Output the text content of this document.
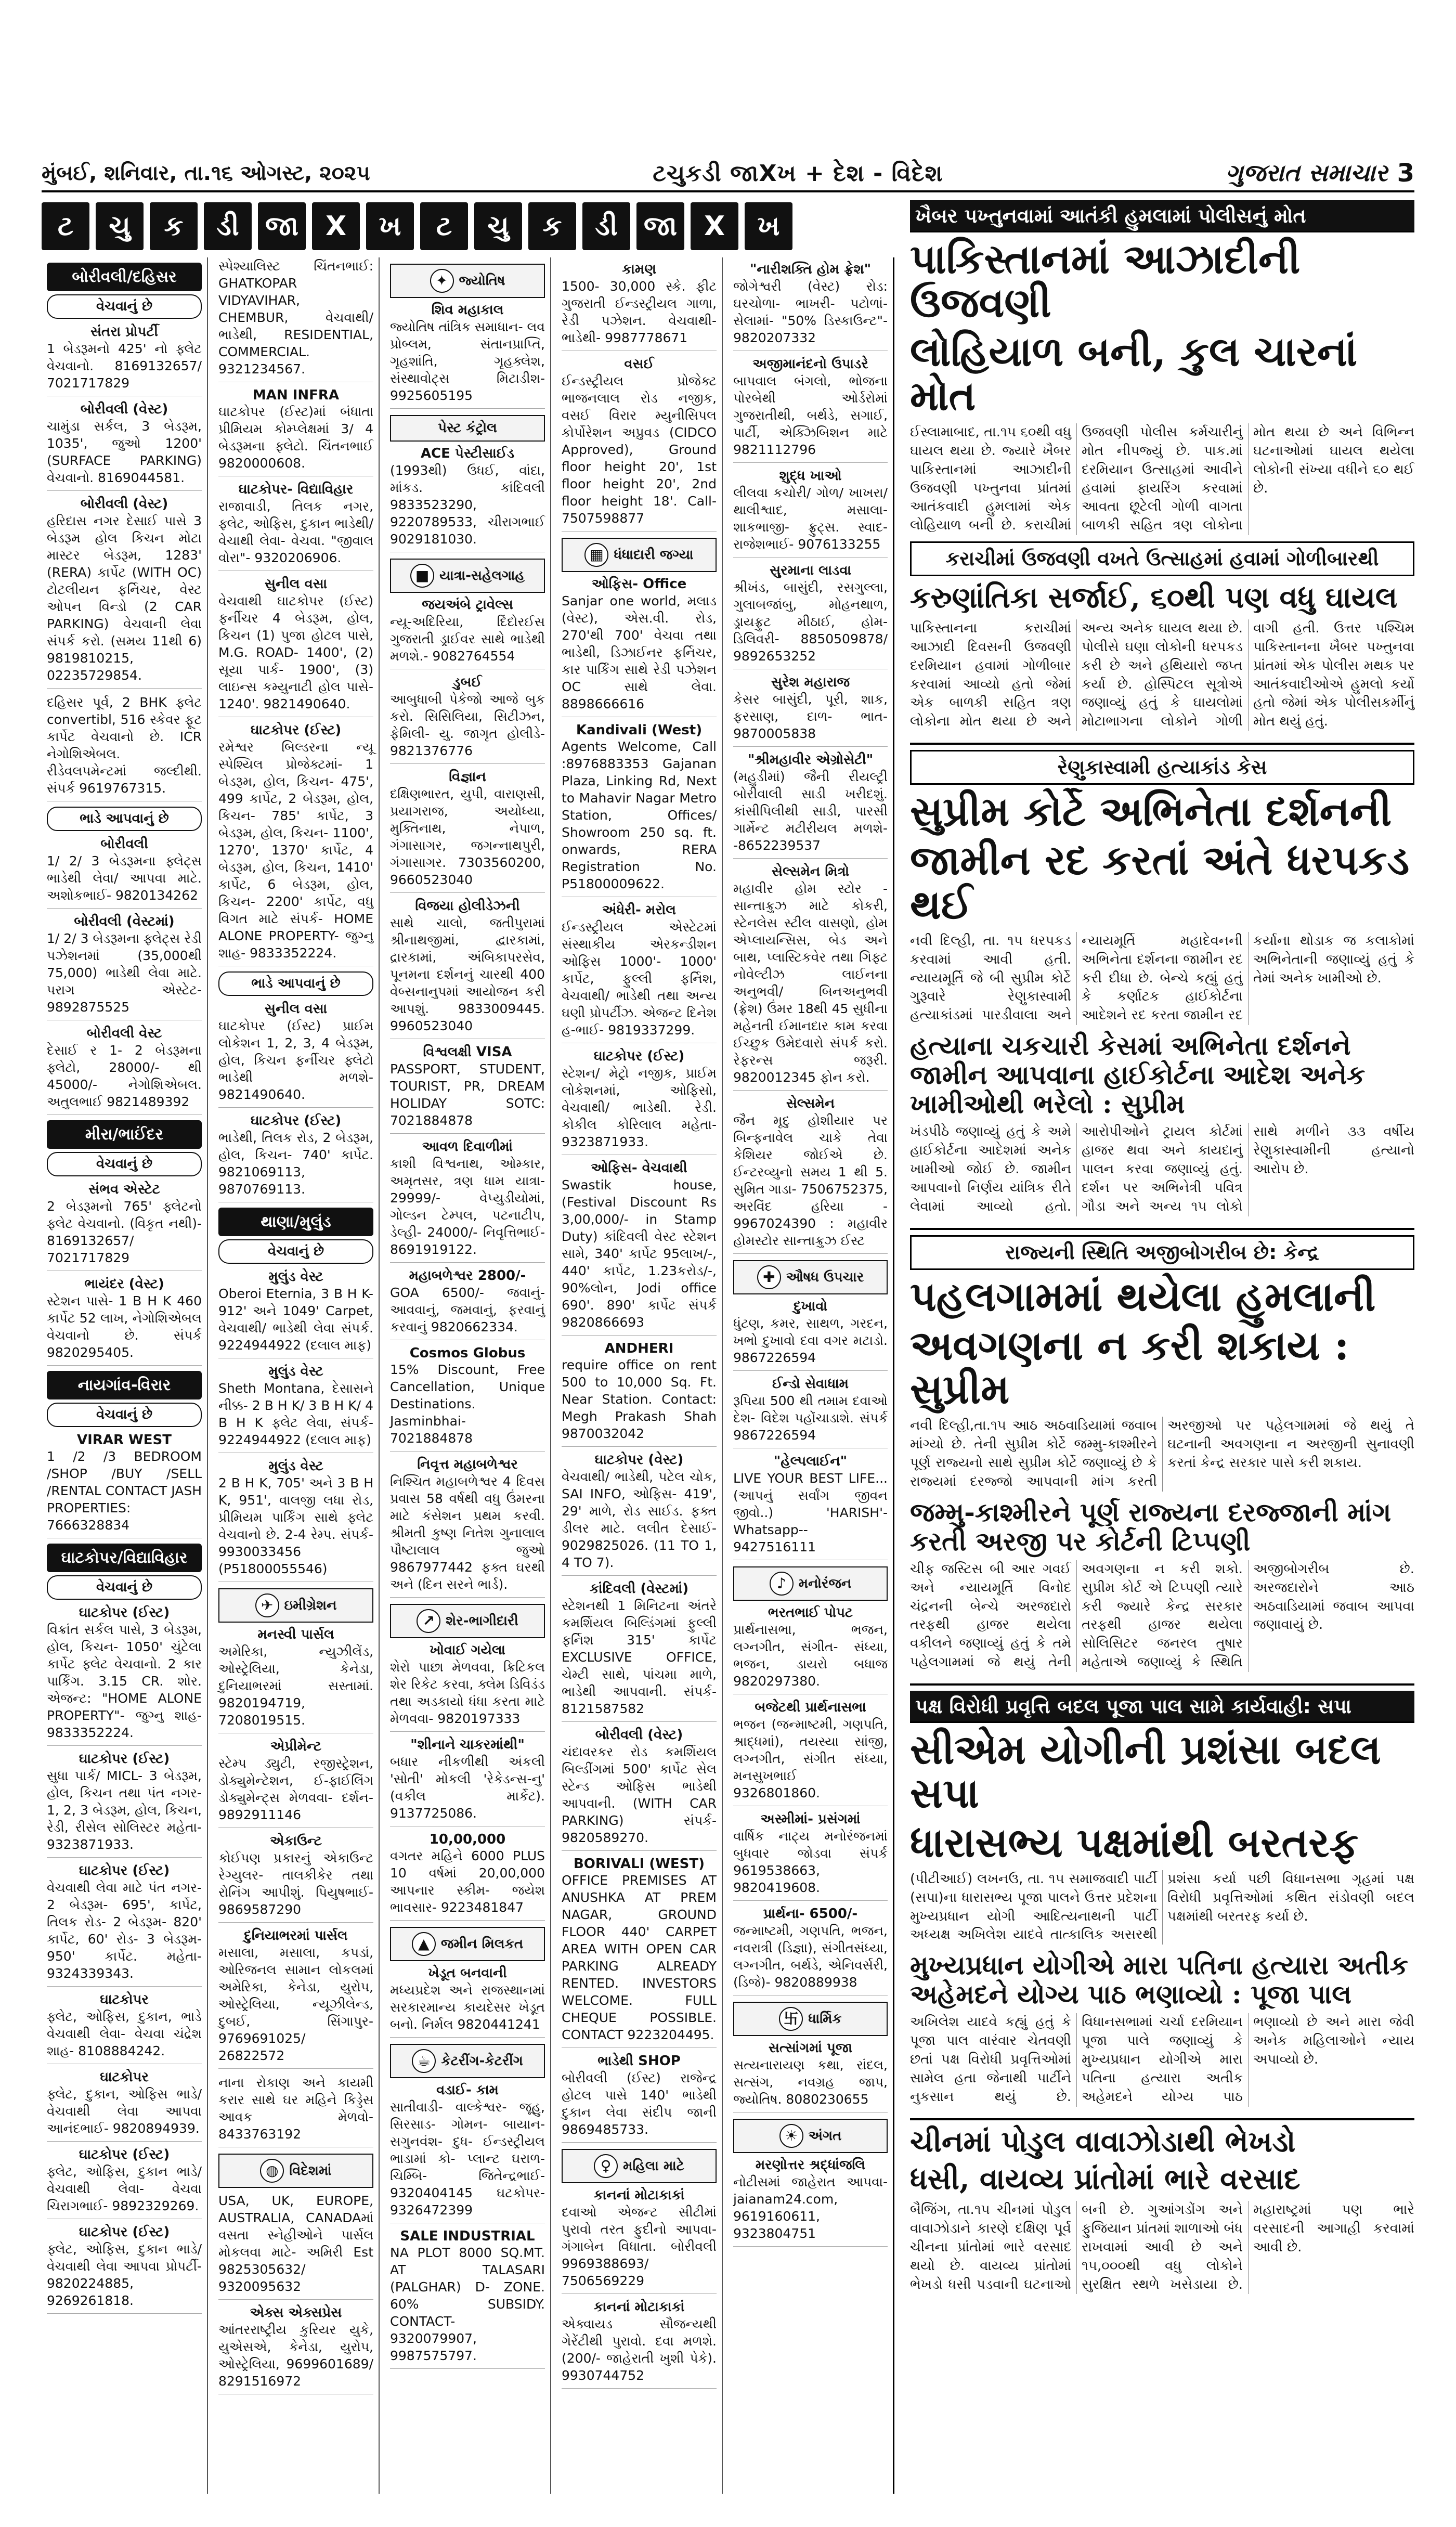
મુંબઈ, શનિવાર, તા.૧૬ ઓગસ્ટ, ૨૦૨૫	ટચુકડી જાXખ + દેશ - વિદેશ	ગુજરાત સમાચાર 3
ટ	ચુ	ક	ડી જા X	ખ	ટ	ચુ	ક	ડી જા X	ખ
બોરીવલી/દહિસર
વેચવાનું છે
સંતરા પ્રોપર્ટી
1 બેડરૂમનો 425' નો ફ્લેટ વેચવાનો. 8169132657/ 7021717829
બોરીવલી (વેસ્ટ)
ચામુંડા સર્કલ, 3 બેડરૂમ, 1035', જુઓ 1200' (SURFACE PARKING) વેચવાનો. 8169044581.
બોરીવલી (વેસ્ટ)
હરિદાસ નગર દેસાઈ પાસે 3 બેડરૂમ હોલ કિચન મોટા માસ્ટર બેડરૂમ, 1283' (RERA) કાર્પેટ (WITH OC) ટોટલીયન ફર્નિચર, વેસ્ટ ઓપન વિન્ડો (2 CAR PARKING) વેચવાની લેવા સંપર્ક કરો. (સમય 11થી 6) 9819810215, 02235729854.
દહિસર પૂર્વ, 2 BHK ફ્લેટ convertibl, 516 સ્કેવર ફૂટ કાર્પેટ વેચવાનો છે. ICR નેગોશિએબલ. રીડેવલપમેન્ટમાં જલ્દીથી. સંપર્ક 9619767315.
ભાડે આપવાનું છે
બોરીવલી
1/ 2/ 3 બેડરૂમના ફ્લેટ્સ ભાડેથી લેવા/ આપવા માટે. અશોકભાઈ- 9820134262
બોરીવલી (વેસ્ટમાં)
1/ 2/ 3 બેડરૂમના ફ્લેટ્સ રેડી પઝેશનમાં (35,000થી 75,000) ભાડેથી લેવા માટે. પરાગ એસ્ટેટ- 9892875525
બોરીવલી વેસ્ટ
દેસાઈ ર 1- 2 બેડરૂમના ફ્લેટો, 28000/- થી 45000/- નેગોશિએબલ. અતુલભાઈ 9821489392
મીરા/ભાઈંદર
વેચવાનું છે
સંભવ એસ્ટેટ
2 બેડરૂમનો 765' ફ્લેટનો ફ્લેટ વેચવાનો. (વિકૃત નથી)- 8169132657/ 7021717829
ભાયંદર (વેસ્ટ)
સ્ટેશન પાસે- 1 B H K 460 કાર્પેટ 52 લાખ, નેગોશિએબલ વેચવાનો છે. સંપર્ક 9820295405.
નાયગાંવ-વિરાર
વેચવાનું છે
VIRAR WEST
1 /2 /3 BEDROOM /SHOP /BUY /SELL /RENTAL CONTACT JASH PROPERTIES: 7666328834
ઘાટકોપર/વિદ્યાવિહાર
વેચવાનું છે
ઘાટકોપર (ઈસ્ટ)
વિક્રાંત સર્કલ પાસે, 3 બેડરૂમ, હોલ, કિચન- 1050' ચુંટેલા કાર્પેટ ફ્લેટ વેચવાનો. 2 કાર પાર્કિંગ. 3.15 CR. શોર. એજન્ટ: "HOME ALONE PROPERTY"- જુગ્નુ શાહ- 9833352224.
ઘાટકોપર (ઈસ્ટ)
સુધા પાર્ક/ MICL- 3 બેડરૂમ, હોલ, કિચન તથા પંત નગર- 1, 2, 3 બેડરૂમ, હોલ, કિચન, રેડી, રીસેલ સોલિસ્ટર મહેતા- 9323871933.
ઘાટકોપર (ઈસ્ટ)
વેચવાથી લેવા માટે પંત નગર- 2 બેડરૂમ- 695', કાર્પેટ, તિલક રોડ- 2 બેડરૂમ- 820' કાર્પેટ, 60' રોડ- 3 બેડરૂમ- 950' કાર્પેટ. મહેતા- 9324339343.
ઘાટકોપર
ફ્લેટ, ઓફિસ, દુકાન, ભાડે વેચવાથી લેવા- વેચવા ચંદ્રેશ શાહ- 8108884242.
ઘાટકોપર
ફ્લેટ, દુકાન, ઓફિસ ભાડે/ વેચવાથી લેવા આપવા આનંદભાઈ- 9820894939.
ઘાટકોપર (ઈસ્ટ)
ફ્લેટ, ઓફિસ, દુકાન ભાડે/ વેચવાથી લેવા- વેચવા ચિરાગભાઈ- 9892329269.
ઘાટકોપર (ઈસ્ટ)
ફ્લેટ, ઓફિસ, દુકાન ભાડે/ વેચવાથી લેવા આપવા પ્રોપર્ટી- 9820224885, 9269261818.
સ્પેશ્યાલિસ્ટ ચિંતનભાઈ: GHATKOPAR VIDYAVIHAR, CHEMBUR, વેચવાથી/ ભાડેથી, RESIDENTIAL, COMMERCIAL. 9321234567.
MAN INFRA
ઘાટકોપર (ઈસ્ટ)માં બંધાતા પ્રીમિયમ કોમ્પ્લેક્ષમાં 3/ 4 બેડરૂમના ફ્લેટો. ચિંતનભાઈ 9820000608.
ઘાટકોપર- વિદ્યાવિહાર
રાજાવાડી, તિલક નગર, ફ્લેટ, ઓફિસ, દુકાન ભાડેથી/ વેચાથી લેવા- વેચવા. "જીવાલ વોરા"- 9320206906.
સુનીલ વસા
વેચવાથી ઘાટકોપર (ઈસ્ટ) ફર્નીચર 4 બેડરૂમ, હોલ, કિચન (1) પુજા હોટલ પાસે, M.G. ROAD- 1400', (2) સૂયા પાર્ક- 1900', (3) લાઇન્સ કમ્યુનાટી હોલ પાસે- 1240'. 9821490640.
ઘાટકોપર (ઈસ્ટ)
રમેશ્વર બિલ્ડરના ન્યૂ સ્પેશ્યિલ પ્રોજેક્ટમાં- 1 બેડરૂમ, હોલ, કિચન- 475', 499 કાર્પેટ, 2 બેડરૂમ, હોલ, કિચન- 785' કાર્પેટ, 3 બેડરૂમ, હોલ, કિચન- 1100', 1270', 1370' કાર્પેટ, 4 બેડરૂમ, હોલ, કિચન, 1410' કાર્પેટ, 6 બેડરૂમ, હોલ, કિચન- 2200' કાર્પેટ, વધુ વિગત માટે સંપર્ક- HOME ALONE PROPERTY- જુગ્નુ શાહ- 9833352224.
ભાડે આપવાનું છે
સુનીલ વસા
ઘાટકોપર (ઈસ્ટ) પ્રાઈમ લોકેશન 1, 2, 3, 4 બેડરૂમ, હોલ, કિચન ફર્નીચર ફ્લેટો ભાડેથી મળશે- 9821490640.
ઘાટકોપર (ઈસ્ટ)
ભાડેથી, તિલક રોડ, 2 બેડરૂમ, હોલ, કિચન- 740' કાર્પેટ. 9821069113, 9870769113.
થાણા/મુલુંડ
વેચવાનું છે
મુલુંડ વેસ્ટ
Oberoi Eternia, 3 B H K- 912' અને 1049' Carpet, વેચવાથી/ ભાડેથી લેવા સંપર્ક. 9224944922 (દલાલ માફ)
મુલુંડ વેસ્ટ
Sheth Montana, દેસાસને નીક્ક- 2 B H K/ 3 B H K/ 4 B H K ફ્લેટ લેવા, સંપર્ક- 9224944922 (દલાલ માફ)
મુલુંડ વેસ્ટ
2 B H K, 705' અને 3 B H K, 951', વાલજી લધા રોડ, પ્રીમિયમ પાર્કિંગ સાથે ફ્લેટ વેચવાનો છે. 2-4 રેમ્પ. સંપર્ક- 9930033456 (P51800055546)
✈ ઇમીગ્રેશન
મનસ્વી પાર્સલ
અમેરિકા, ન્યુઝીલેંડ, ઓસ્ટ્રેલિયા, કેનેડા, દુનિયાભરમાં સસ્તામાં. 9820194719, 7208019515.
એપ્રીમેન્ટ
સ્ટેમ્પ ડ્યુટી, રજીસ્ટ્રેશન, ડોક્યુમેન્ટેશન, ઈ-ફાઈલિંગ ડોક્યુમેન્ટ્સ મેળવવા- દર્શન- 9892911146
એકાઉન્ટ
કોઈપણ પ્રકારનું એકાઉન્ટ રેગ્યુલર- તાલકીકેર તથા રોનિંગ આપીશું. પિયુષભાઈ- 9869587290
દુનિયાભરમાં પાર્સલ
મસાલા, મસાલા, કપડાં, ઓરિજનલ સામાન લોકલમાં અમેરિકા, કેનેડા, યુરોપ, ઓસ્ટ્રેલિયા, ન્યૂઝીલેન્ડ, દુબઈ, સિંગાપુર- 9769691025/ 26822572
નાના રોકાણ અને કાયમી કરાર સાથે ઘર મહિને કિડ્ડેસ આવક મેળવો- 8433763192
◍ વિદેશમાં
USA, UK, EUROPE, AUSTRALIA, CANADAમાં વસતા સ્નેહીઓને પાર્સલ મોકલવા માટે- અમિરી Est 9825305632/ 9320095632
એક્સ એક્સપ્રેસ
આંતરરાષ્ટ્રીય કુરિયર યુકે, યુએસએ, કેનેડા, યુરોપ, ઓસ્ટ્રેલિયા, 9699601689/ 8291516972
✦ જ્યોતિષ
શિવ મહાકાલ
જ્યોતિષ તાંત્રિક સમાધાન- લવ પ્રોબ્લમ, સંતાનપ્રાપ્તિ, ગૃહશાંતિ, ગૃહક્લેશ, સંસ્થાવોટ્સ મિટાડીશ- 9925605195
પેસ્ટ કંટ્રોલ
ACE પેસ્ટીસાઈડ
(1993થી) ઉધઈ, વાંદા, માંકડ. કાંદિવલી 9833523290, 9220789533, ચીરાગભાઈ 9029181030.
■ યાત્રા-સહેલગાહ
જયઅંબે ટ્રાવેલ્સ
ન્યૂ-અદિરિયા, દિંદોરઈસ ગુજરાતી ડ્રાઈવર સાથે ભાડેથી મળશે.- 9082764554
ડુબઈ
આબુધાબી પેકેજો આજે બુક કરો. સિસિલિયા, સિટીઝન, ફેમિલી- યુ. જાગૃત હોલીડે- 9821376776
વિજ્ઞાન
દક્ષિણભારત, યુપી, વારાણસી, પ્રયાગરાજ, અયોધ્યા, મુક્તિનાથ, નેપાળ, ગંગાસાગર, જગન્નાથપુરી, ગંગાસાગર. 7303560200, 9660523040
વિજયા હોલીડેઝની
સાથે ચાલો, જતીપુરામાં શ્રીનાથજીમાં, દ્વારકામાં, દ્રારકામાં, અંબિકાપરસેવ, પૂનમના દર્શનનું ચારથી 400 વેબ્સનાનુપમાં આયોજન કરી આપશું. 9833009445. 9960523040
વિશ્વલક્ષી VISA
PASSPORT, STUDENT, TOURIST, PR, DREAM HOLIDAY SOTC: 7021884878
આવળ દિવાળીમાં
કાશી વિશ્વનાથ, ઓમ્કાર, અમૃતસર, ત્રણ ધામ યાત્રા- 29999/- વેપ્યુડીયોમાં, ગોલ્ડન ટેમ્પલ, પટનાટીપ, ડેલ્હી- 24000/- નિવૃત્તિભાઈ- 8691919122.
મહાબળેશ્વર 2800/-
GOA 6500/- જવાનું-આવવાનું, જમવાનું, ફરવાનું કરવાનું 9820662334.
Cosmos Globus
15% Discount, Free Cancellation, Unique Destinations. Jasminbhai- 7021884878
નિવૃત્ત મહાબળેશ્વર
નિશ્ચિત મહાબળેશ્વર 4 દિવસ પ્રવાસ 58 વર્ષથી વધુ ઉંમરના માટે કંસેશન પ્રથમ કરવી. શ્રીમતી કુષ્ણ નિતેશ ગુનાલાલ પૌષ્ટાલાલ જુઓ 9867977442 ફક્ત ઘરથી અને (દિન સરને ભાર્ડ).
↗ શેર-ભાગીદારી
ખોવાઈ ગયેલા
શેરો પાછા મેળવવા, ક્રિટિકલ શેર રિકેટ કરવા, ક્લેમ ડિવિડંડ તથા અડકાયો ધંધા કરતા માટે મેળવવા- 9820197333
"શીનાને ચાકરમાંથી"
બધાર નીકળીથી અંકલી 'સોતી' મોકલી 'રેકેડન્સ-નુ' (વકીલ માર્કેટ). 9137725086.
10,00,000
વગતર મહિને 6000 PLUS 10 વર્ષમાં 20,00,000 આપનાર સ્કીમ- જયેશ ભાવસાર- 9223481847
▲ જમીન મિલકત
ખેડૂત બનવાની
મધ્યપ્રદેશ અને રાજસ્થાનમાં સરકારમાન્ય કાયદેસર ખેડૂત બનો. નિર્મલ 9820441241
☕ કેટરીંગ-કેટરીંગ
વડાઈ- કામ
સાતીવાડી- વાલ્કેશ્વર- જૂહુ, સિરસાડ- ગોમન- બાયાન-સગુનવંશ- દુધ- ઈન્ડસ્ટ્રીયલ ભાડામાં કો- પ્લાન્ટ ઘરાળ- ચિમ્બિ- જિતેન્દ્રભાઈ- 9320404145 ઘટકોપર- 9326472399
SALE INDUSTRIAL
NA PLOT 8000 SQ.MT. AT TALASARI (PALGHAR) D- ZONE. 60% SUBSIDY. CONTACT- 9320079907, 9987575797.
કામણ
1500- 30,000 સ્કે. ફીટ ગુજરાતી ઈન્ડસ્ટ્રીયલ ગાળા, રેડી પઝેશન. વેચવાથી- ભાડેથી- 9987778671
વસઈ
ઈન્ડસ્ટ્રીયલ પ્રોજેક્ટ ભાજનલાલ રોડ નજીક, વસઈ વિરાર મ્યુનીસિપલ કોર્પોરેશન અપ્રુવડ (CIDCO Approved), Ground floor height 20', 1st floor height 20', 2nd floor height 18'. Call- 7507598877
▦ ધંધાદારી જગ્યા
ઓફિસ- Office
Sanjar one world, મલાડ (વેસ્ટ), એસ.વી. રોડ, 270'થી 700' વેચવા તથા ભાડેથી, ડિઝાઈનર ફર્નિચર, કાર પાર્કિંગ સાથે રેડી પઝેશન OC સાથે લેવા. 8898666616
Kandivali (West)
Agents Welcome, Call :8976883353 Gajanan Plaza, Linking Rd, Next to Mahavir Nagar Metro Station, Offices/ Showroom 250 sq. ft. onwards, RERA Registration No. P51800009622.
અંધેરી- મરોલ
ઈન્ડસ્ટ્રીયલ એસ્ટેટમાં સંસ્થાકીય એરકન્ડીશન ઓફિસ 1000'- 1000' કાર્પેટ, ફુલ્લી ફર્નિશ, વેચવાથી/ ભાડેથી તથા અન્ય ઘણી પ્રોપર્ટીઝ. એજન્ટ દિનેશ હ-ભાઈ- 9819337299.
ઘાટકોપર (ઈસ્ટ)
સ્ટેશન/ મેટ્રો નજીક, પ્રાઈમ લોકેશનમાં, ઓફિસો, વેચવાથી/ ભાડેથી. રેડી. કોકીલ કોરિલાલ મહેતા- 9323871933.
ઓફિસ- વેચવાથી
Swastik house, (Festival Discount Rs 3,00,000/- in Stamp Duty) કાંદિવલી વેસ્ટ સ્ટેશન સામે, 340' કાર્પેટ 95લાખ/-, 440' કાર્પેટ, 1.23કરોડ/-, 90%લોન, Jodi office 690'. 890' કાર્પેટ સંપર્ક 9820866693
ANDHERI
require office on rent 500 to 10,000 Sq. Ft. Near Station. Contact: Megh Prakash Shah 9870032042
ઘાટકોપર (વેસ્ટ)
વેચવાથી/ ભાડેથી, પટેલ ચોક, SAI INFO, ઓફિસ- 419', 29' માળે, રોડ સાઈડ. ફક્ત ડીલર માટે. લલીત દેસાઈ- 9029825026. (11 TO 1, 4 TO 7).
કાંદિવલી (વેસ્ટમાં)
સ્ટેશનથી 1 મિનિટના અંતરે કમર્શિયલ બિલ્ડિંગમાં ફુલ્લી ફર્નિશ 315' કાર્પેટ EXCLUSIVE OFFICE, ચેમ્ટી સાથે, પાંચમા માળે, ભાડેથી આપવાની. સંપર્ક- 8121587582
બોરીવલી (વેસ્ટ)
ચંદાવરકર રોડ કમર્શિયલ બિલ્ડીંગમાં 500' કાર્પેટ સેલ સ્ટેન્ડ ઓફિસ ભાડેથી આપવાની. (WITH CAR PARKING) સંપર્ક- 9820589270.
BORIVALI (WEST)
OFFICE PREMISES AT ANUSHKA AT PREM NAGAR, GROUND FLOOR 440' CARPET AREA WITH OPEN CAR PARKING ALREADY RENTED. INVESTORS WELCOME. FULL CHEQUE POSSIBLE. CONTACT 9223204495.
ભાડેથી SHOP
બોરીવલી (ઈસ્ટ) રાજેન્દ્ર હોટલ પાસે 140' ભાડેથી દુકાન લેવા સંદીપ જાની 9869485733.
♀ મહિલા માટે
કાનનાં મોટાકાકાં
દવાઓ એજન્ટ સીટીમાં પુરાવો તરત ફુદીનો આપવા- ગંગાબેન વિધાતા. બોરીવલી 9969388693/ 7506569229
કાનનાં મોટાકાકાં
એક્વાયડ સૌજન્યથી ગેરેંટીથી પુરાવો. દવા મળશે. (200/- જાહેરાતી ખુશી પેકે). 9930744752
"નારીશક્તિ હોમ ફ્રેશ"
જોગેશ્વરી (વેસ્ટ) રોડ: ઘરચોળા- ભાખરી- પટોળાં- સેલામાં- "50% ડિસ્કાઉન્ટ"- 9820207332
અજીમાનંદનો ઉપાડરે
બાપવાલ બંગલો, ભોજના પોરબેથી ઓર્ડરોમાં ગુજરાતીથી, બર્થડે, સગાઈ, પાર્ટી, એક્ઝિબિશન માટે 9821112796
શુદ્ધ ખાઓ
લીલવા કચોરી/ ગોળ/ ખાખરા/ થાલીશ્વાદ, મસાલા- શાકભાજી- ફ્રુટ્સ. સ્વાદ- રાજેશભાઈ- 9076133255
સુરમાના લાડવા
શ્રીખંડ, બાસુંદી, રસગુલ્લા, ગુલાબજાંબુ, મોહનથાળ, ડ્રાયફ્રુટ મીઠાઈ, હોમ- ડિલિવરી- 8850509878/ 9892653252
સુરેશ મહારાજ
કેસર બાસુંદી, પૂરી, શાક, ફરસાણ, દાળ- ભાત- 9870005838
"શ્રીમહાવીર એગ્રોસેટી"
(મહુડીમાં) જૈની રીયલ્ટ્રી બોરીવાલી સાડી ખરીદશું. કાંસીપિલીથી સાડી, પારસી ગાર્મેન્ટ મટીરીયલ મળશે- -8652239537
સેલ્સમેન મિત્રો
મહાવીર હોમ સ્ટોર - સાન્તાક્રુઝ માટે કોકરી, સ્ટેનલેસ સ્ટીલ વાસણો, હોમ એપ્લાયન્સિસ, બેડ અને બાથ, પ્લાસ્ટિકવેર તથા ગિફ્ટ નોવેલ્ટીઝ લાઈનના અનુભવી/ બિનઅનુભવી (ફ્રેશ) ઉંમર 18થી 45 સુધીના મહેનતી ઈમાનદાર કામ કરવા ઈચ્છુક ઉમેદવારો સંપર્ક કરો. રેફરન્સ જરૂરી. 9820012345 ફોન કરો.
સેલ્સમેન
જૈન મૃદુ હોશીયાર પર બિન્ફનાવેલ ચાકે તેવા કેશિયર જોઈએ છે. ઈન્ટરવ્યુનો સમય 1 થી 5. સુમિત ગાડા- 7506752375, અરવિંદ હરિયા - 9967024390 : મહાવીર હોમસ્ટોર સાન્તાક્રુઝ ઈસ્ટ
✚ ઔષધ ઉપચાર
દુખાવો
ધુંટણ, કમર, સાથળ, ગરદન, ખભો દુખાવો દવા વગર મટાડો. 9867226594
ઈન્ડો સેવાધામ
રૂપિયા 500 થી તમામ દવાઓ દેશ- વિદેશ પહોંચાડાશે. સંપર્ક 9867226594
"હેલ્પલાઈન"
LIVE YOUR BEST LIFE... (આપનું સર્વાંગ જીવન જીવો..) 'HARISH'- Whatsapp-- 9427516111
♪ મનોરંજન
ભરતભાઈ પોપટ
પ્રાર્થનાસભા, ભજન, લગ્નગીત, સંગીત- સંધ્યા, ભજન, ડાયરો બધાજ 9820297380.
બજેટથી પ્રાર્થનાસભા
ભજન (જન્માષ્ટમી, ગણપતિ, શ્રાદ્ધમાં), તયસ્યા સાંજી, લગ્નગીત, સંગીત સંધ્યા, મનસુખભાઈ 9326801860.
અસ્મીમાં- પ્રસંગમાં
વાર્ષિક નાટ્ય મનોરંજનમાં બુધવાર જોડવા સંપર્ક 9619538663, 9820419608.
પ્રાર્થના- 6500/-
જન્માષ્ટમી, ગણપતિ, ભજન, નવરાત્રી (ડિજ્ઞા), સંગીતસંધ્યા, લગ્નગીત, બર્થડે, એનિવર્સરી, (ડિજે)- 9820889938
卐 ધાર્મિક
સત્સાંગમાં પૂજા
સત્યનારાયણ કથા, રાંદલ, સત્સંગ, નવગ્રહ જાપ, જ્યોતિષ. 8080230655
☀ અંગત
મરણોત્તર શ્રદ્ધાંજલિ
નોટીસમાં જાહેરાત આપવા- jaianam24.com, 9619160611, 9323804751
ખૈબર પખ્તુનવામાં આતંકી હુમલામાં પોલીસનું મોત
પાકિસ્તાનમાં આઝાદીની ઉજવણી
લોહિયાળ બની, કુલ ચારનાં મોત
ઈસ્લામાબાદ, તા.૧૫ ૬૦થી વધુ ઘાયલ થયા છે. જ્યારે ખૈબર પાકિસ્તાનમાં આઝાદીની ઉજવણી પખ્તુનવા પ્રાંતમાં આતંકવાદી હુમલામાં એક લોહિયાળ બની છે. કરાચીમાં ઉજવણી પોલીસ કર્મચારીનું મોત નીપજ્યું છે. પાક.માં દરમિયાન ઉત્સાહમાં આવીને હવામાં ફાયરિંગ કરવામાં આવતા છૂટેલી ગોળી વાગતા બાળકી સહિત ત્રણ લોકોના મોત થયા છે અને વિભિન્ન ઘટનાઓમાં ઘાયલ થયેલા લોકોની સંખ્યા વધીને ૬૦ થઈ છે.
કરાચીમાં ઉજવણી વખતે ઉત્સાહમાં હવામાં ગોળીબારથી
કરુણાંતિકા સર્જાઈ, ૬૦થી પણ વધુ ઘાયલ
પાકિસ્તાનના કરાચીમાં આઝાદી દિવસની ઉજવણી દરમિયાન હવામાં ગોળીબાર કરવામાં આવ્યો હતો જેમાં એક બાળકી સહિત ત્રણ લોકોના મોત થયા છે અને અન્ય અનેક ઘાયલ થયા છે. પોલીસે ઘણા લોકોની ધરપકડ કરી છે અને હથિયારો જપ્ત કર્યા છે. હોસ્પિટલ સૂત્રોએ જણાવ્યું હતું કે ઘાયલોમાં મોટાભાગના લોકોને ગોળી વાગી હતી. ઉત્તર પશ્ચિમ પાકિસ્તાનના ખૈબર પખ્તુનવા પ્રાંતમાં એક પોલીસ મથક પર આતંકવાદીઓએ હુમલો કર્યો હતો જેમાં એક પોલીસકર્મીનું મોત થયું હતું.
રેણુકાસ્વામી હત્યાકાંડ કેસ
સુપ્રીમ કોર્ટે અભિનેતા દર્શનની
જામીન રદ કરતાં અંતે ધરપકડ થઈ
નવી દિલ્હી, તા. ૧૫ ધરપકડ કરવામાં આવી હતી. ન્યાયમૂર્તિ જે બી સુપ્રીમ કોર્ટે ગુરૂવારે રેણુકાસ્વામી હત્યાકાંડમાં પારડીવાલા અને ન્યાયમૂર્તિ મહાદેવનની અભિનેતા દર્શનના જામીન રદ કરી દીધા છે. બેન્ચે કહ્યું હતું કે કર્ણાટક હાઈકોર્ટના આદેશને રદ કરતા જામીન રદ કર્યાના થોડાક જ કલાકોમાં અભિનેતાની જણાવ્યું હતું કે તેમાં અનેક ખામીઓ છે.
હત્યાના ચકચારી કેસમાં અભિનેતા દર્શનને જામીન આપવાના હાઈકોર્ટના આદેશ અનેક ખામીઓથી ભરેલો : સુપ્રીમ
ખંડપીઠે જણાવ્યું હતું કે અમે હાઈકોર્ટના આદેશમાં અનેક ખામીઓ જોઈ છે. જામીન આપવાનો નિર્ણય યાંત્રિક રીતે લેવામાં આવ્યો હતો. આરોપીઓને ટ્રાયલ કોર્ટમાં હાજર થવા અને કાયદાનું પાલન કરવા જણાવ્યું હતું. દર્શન પર અભિનેત્રી પવિત્ર ગૌડા અને અન્ય ૧૫ લોકો સાથે મળીને ૩૩ વર્ષીય રેણુકાસ્વામીની હત્યાનો આરોપ છે.
રાજ્યની સ્થિતિ અજીબોગરીબ છે: કેન્દ્ર
પહલગામમાં થયેલા હુમલાની
અવગણના ન કરી શકાય : સુપ્રીમ
નવી દિલ્હી,તા.૧૫ આઠ અઠવાડિયામાં જવાબ માંગ્યો છે. તેની સુપ્રીમ કોર્ટે જમ્મુ-કાશ્મીરને પૂર્ણ રાજ્યનો સાથે સુપ્રીમ કોર્ટે જણાવ્યું છે કે રાજ્યમાં દરજ્જો આપવાની માંગ કરતી અરજીઓ પર પહેલગામમાં જે થયું તે ઘટનાની અવગણના ન અરજીની સુનાવણી કરતાં કેન્દ્ર સરકાર પાસે કરી શકાય.
જમ્મુ-કાશ્મીરને પૂર્ણ રાજ્યના દરજ્જાની માંગ કરતી અરજી પર કોર્ટની ટિપ્પણી
ચીફ જસ્ટિસ બી આર ગવઈ અને ન્યાયમૂર્તિ વિનોદ ચંદ્રનની બેન્ચે અરજદારો તરફથી હાજર થયેલા વકીલને જણાવ્યું હતું કે તમે પહેલગામમાં જે થયું તેની અવગણના ન કરી શકો. સુપ્રીમ કોર્ટ એ ટિપ્પણી ત્યારે કરી જ્યારે કેન્દ્ર સરકાર તરફથી હાજર થયેલા સોલિસિટર જનરલ તુષાર મહેતાએ જણાવ્યું કે સ્થિતિ અજીબોગરીબ છે. અરજદારોને આઠ અઠવાડિયામાં જવાબ આપવા જણાવાયું છે.
પક્ષ વિરોધી પ્રવૃત્તિ બદલ પૂજા પાલ સામે કાર્યવાહી: સપા
સીએમ યોગીની પ્રશંસા બદલ સપા
ધારાસભ્ય પક્ષમાંથી બરતરફ
(પીટીઆઈ) લખનઉ, તા. ૧૫ સમાજવાદી પાર્ટી (સપા)ના ધારાસભ્ય પૂજા પાલને ઉત્તર પ્રદેશના મુખ્યપ્રધાન યોગી આદિત્યનાથની પાર્ટી અધ્યક્ષ અખિલેશ યાદવે તાત્કાલિક અસરથી પ્રશંસા કર્યા પછી વિધાનસભા ગૃહમાં પક્ષ વિરોધી પ્રવૃત્તિઓમાં કથિત સંડોવણી બદલ પક્ષમાંથી બરતરફ કર્યા છે.
મુખ્યપ્રધાન યોગીએ મારા પતિના હત્યારા અતીક અહેમદને યોગ્ય પાઠ ભણાવ્યો : પૂજા પાલ
અખિલેશ યાદવે કહ્યું હતું કે પૂજા પાલ વારંવાર ચેતવણી છતાં પક્ષ વિરોધી પ્રવૃત્તિઓમાં સામેલ હતા જેનાથી પાર્ટીને નુકસાન થયું છે. વિધાનસભામાં ચર્ચા દરમિયાન પૂજા પાલે જણાવ્યું કે મુખ્યપ્રધાન યોગીએ મારા પતિના હત્યારા અતીક અહેમદને યોગ્ય પાઠ ભણાવ્યો છે અને મારા જેવી અનેક મહિલાઓને ન્યાય અપાવ્યો છે.
ચીનમાં પોડુલ વાવાઝોડાથી ભેખડો
ધસી, વાયવ્ય પ્રાંતોમાં ભારે વરસાદ
બૈજિંગ, તા.૧૫ ચીનમાં પોડુલ વાવાઝોડાને કારણે દક્ષિણ પૂર્વ ચીનના પ્રાંતોમાં ભારે વરસાદ થયો છે. વાયવ્ય પ્રાંતોમાં ભેખડો ધસી પડવાની ઘટનાઓ બની છે. ગુઆંગડોંગ અને ફુજિયાન પ્રાંતમાં શાળાઓ બંધ રાખવામાં આવી છે અને ૧૫,૦૦૦થી વધુ લોકોને સુરક્ષિત સ્થળે ખસેડાયા છે. મહારાષ્ટ્રમાં પણ ભારે વરસાદની આગાહી કરવામાં આવી છે.
